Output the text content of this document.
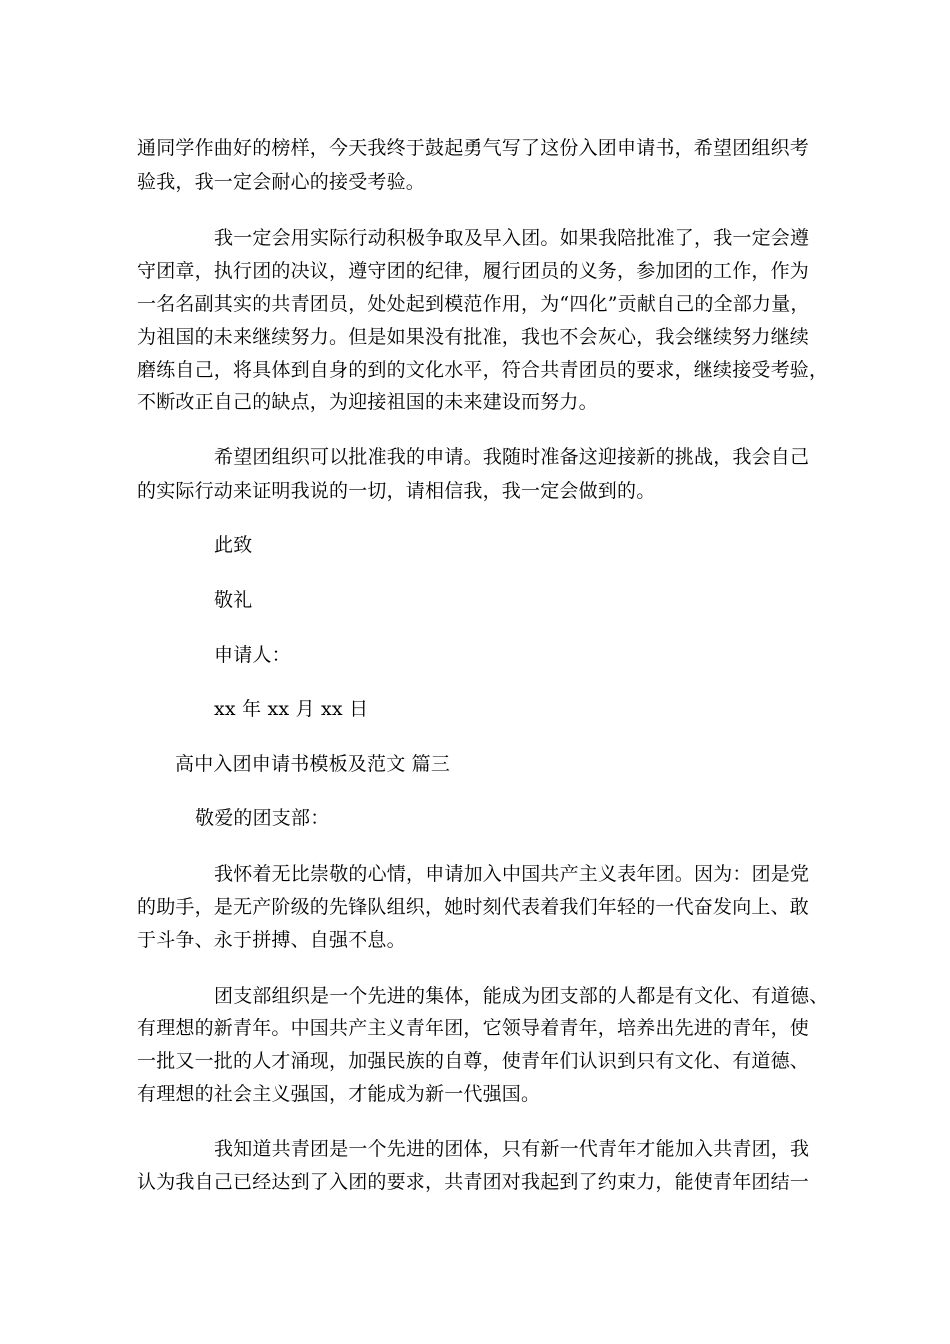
通同学作曲好的榜样，今天我终于鼓起勇气写了这份入团申请书，希望团组织考
验我，我一定会耐心的接受考验。
我一定会用实际行动积极争取及早入团。如果我陪批准了，我一定会遵
守团章，执行团的决议，遵守团的纪律，履行团员的义务，参加团的工作，作为
一名名副其实的共青团员，处处起到模范作用，为“四化”贡献自己的全部力量，
为祖国的未来继续努力。但是如果没有批准，我也不会灰心，我会继续努力继续
磨练自己，将具体到自身的到的文化水平，符合共青团员的要求，继续接受考验，
不断改正自己的缺点，为迎接祖国的未来建设而努力。
希望团组织可以批准我的申请。我随时准备这迎接新的挑战，我会自己
的实际行动来证明我说的一切，请相信我，我一定会做到的。
此致
敬礼
申请人：
xx 年 xx 月 xx 日
高中入团申请书模板及范文 篇三
敬爱的团支部：
我怀着无比崇敬的心情，申请加入中国共产主义表年团。因为：团是党
的助手，是无产阶级的先锋队组织，她时刻代表着我们年轻的一代奋发向上、敢
于斗争、永于拼搏、自强不息。
团支部组织是一个先进的集体，能成为团支部的人都是有文化、有道德、
有理想的新青年。中国共产主义青年团，它领导着青年，培养出先进的青年，使
一批又一批的人才涌现，加强民族的自尊，使青年们认识到只有文化、有道德、
有理想的社会主义强国，才能成为新一代强国。
我知道共青团是一个先进的团体，只有新一代青年才能加入共青团，我
认为我自己已经达到了入团的要求，共青团对我起到了约束力，能使青年团结一
